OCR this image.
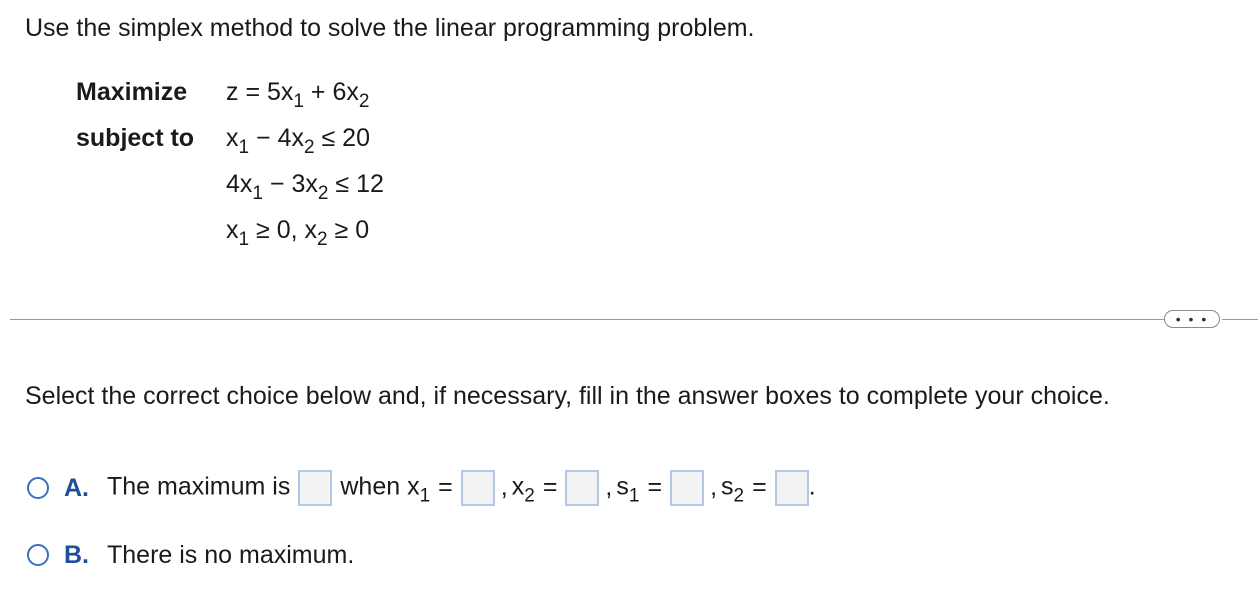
Use the simplex method to solve the linear programming problem.
Maximize $z = 5x_1 + 6x_2$
subject to $x_1 - 4x_2 \le 20$
$4x_1 - 3x_2 \le 12$
$x_1 \ge 0$, $x_2 \ge 0$
• • •
Select the correct choice below and, if necessary, fill in the answer boxes to complete your choice.
A. The maximum is when $x_1$ = , $x_2$ = , $s_1$ = , $s_2$ = .
B. There is no maximum.
